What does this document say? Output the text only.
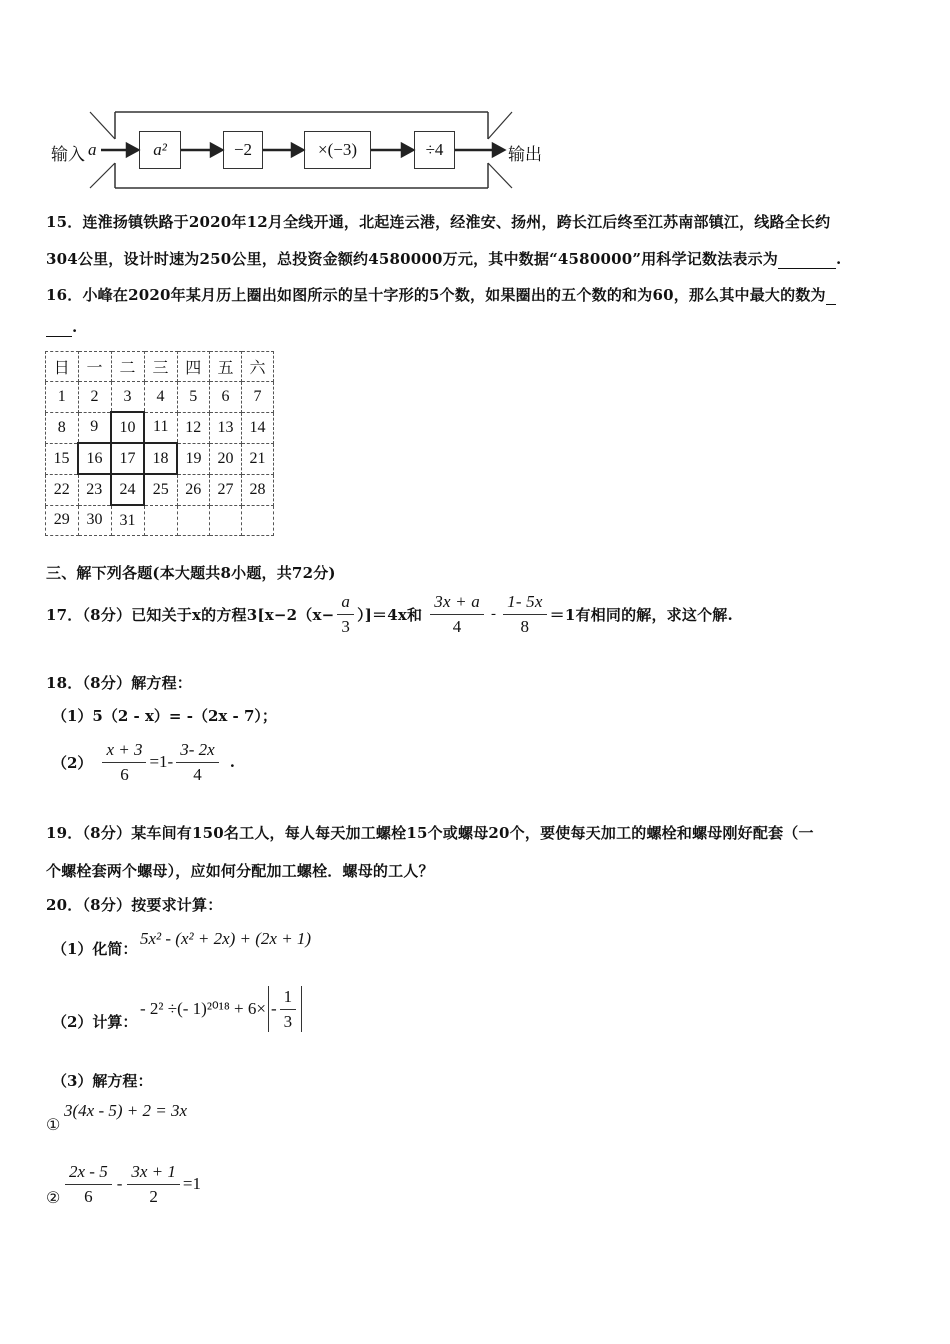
输入 a	a²	−2	×(−3)	÷4	输出
15．连淮扬镇铁路于2020年12月全线开通，北起连云港，经淮安、扬州，跨长江后终至江苏南部镇江，线路全长约
304公里，设计时速为250公里，总投资金额约4580000万元，其中数据“4580000”用科学记数法表示为	.
16．小峰在2020年某月历上圈出如图所示的呈十字形的5个数，如果圈出的五个数的和为60，那么其中最大的数为
.
日	一	二	三	四	五	六
1	2	3	4	5	6	7
8	9	10	11	12	13	14
15	16	17	18	19	20	21
22	23	24	25	26	27	28
29	30	31				
三、解下列各题(本大题共8小题，共72分)
17．（8分）已知关于x的方程$3[x-2(x- \frac{a}{3} )]=4x$和 $\frac{3x + a}{4} - \frac{1- 5x}{8} =1$有相同的解，求这个解.
18．（8分）解方程：
（1）5（2 - x）= -（2x - 7）；
$(2) \frac{x + 3}{6} =1- \frac{3- 2x}{4}$ .
19．（8分）某车间有150名工人，每人每天加工螺栓15个或螺母20个，要使每天加工的螺栓和螺母刚好配套（一
个螺栓套两个螺母），应如何分配加工螺栓．螺母的工人？
20．（8分）按要求计算：
（1）化简：
5x² - (x² + 2x) + (2x + 1)
（2）计算：
- 2² ÷(- $1)^{2018} + 6\times - \frac{1}{3}$
（3）解方程：
①
3(4x - 5) + 2 = 3x
② $\frac{2x - 5}{6} - \frac{3x + 1}{2} =1$
